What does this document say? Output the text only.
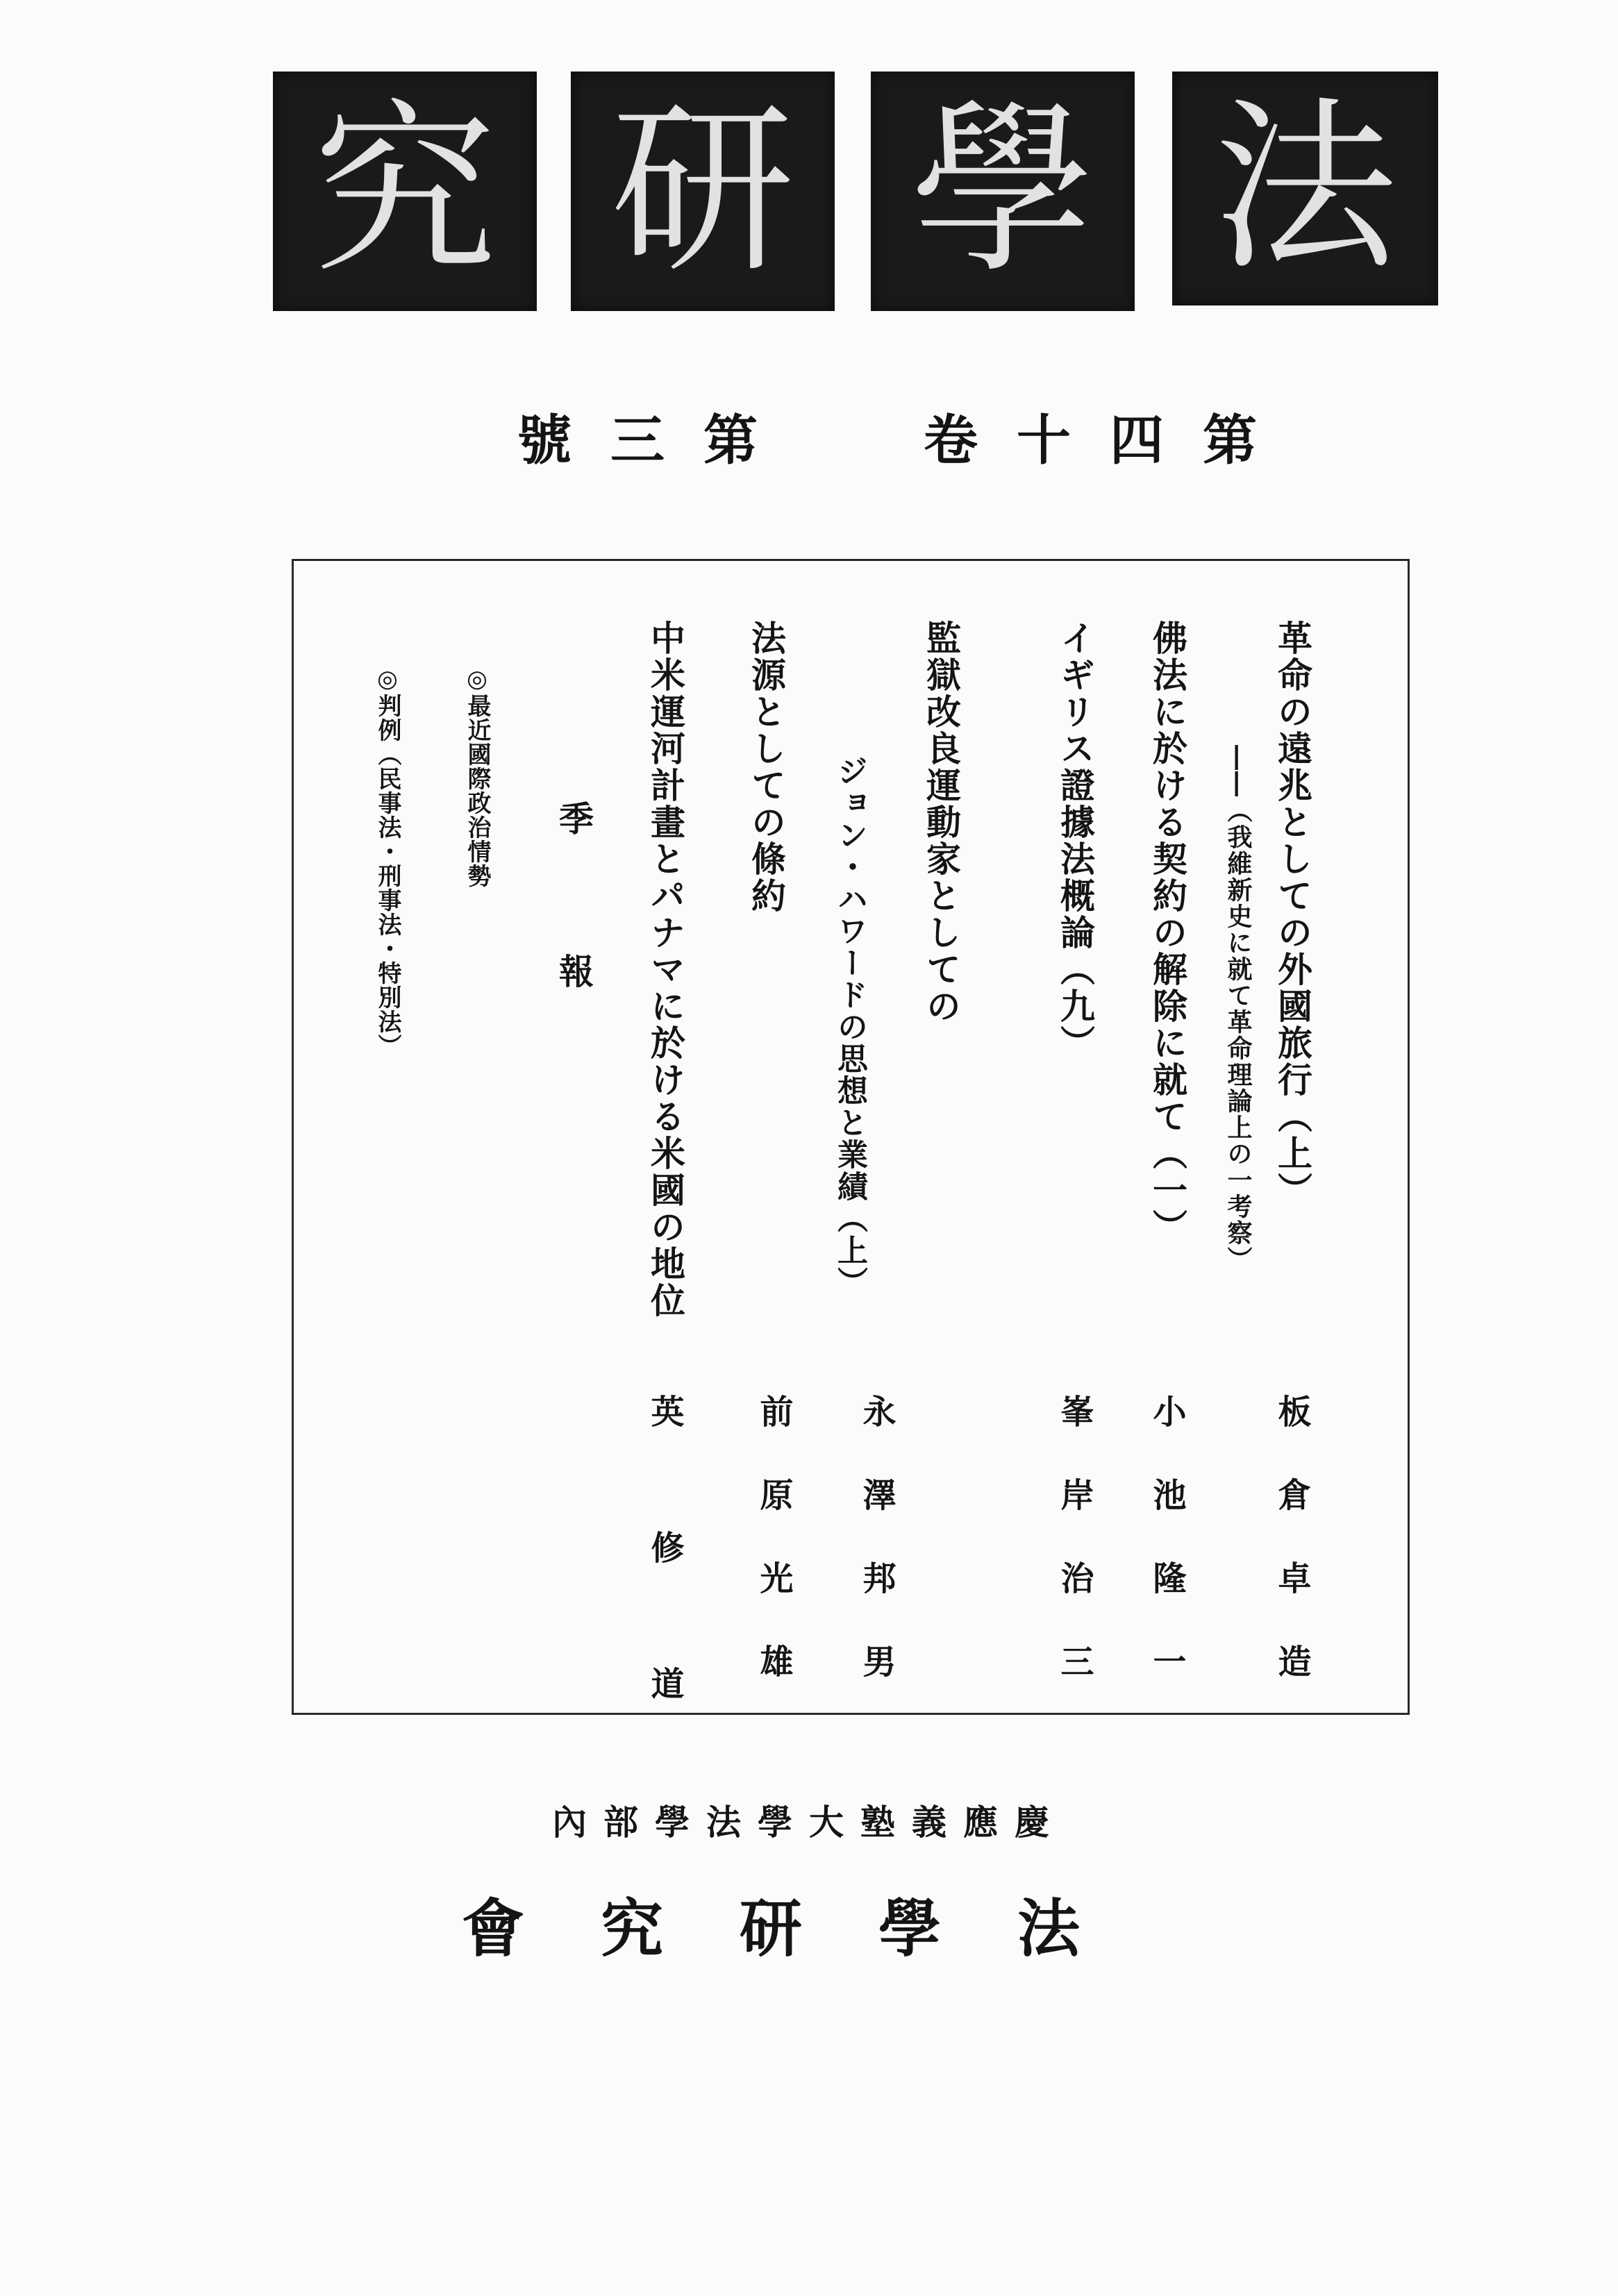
究 研 學 法
號三第 卷十四第
革命の遠兆としての外國旅行（上）
――（我維新史に就て革命理論上の一考察）
板倉卓造
佛法に於ける契約の解除に就て（一）
小池隆一
イギリス證據法概論（九）
峯岸治三
監獄改良運動家としての
ジョン・ハワードの思想と業績（上）
永澤邦男
法源としての條約
前原光雄
中米運河計畫とパナマに於ける米國の地位
英修道
季　報
◎最近國際政治情勢
◎判例（民事法・刑事法・特別法）
內部學法學大塾義應慶
會究研學法
